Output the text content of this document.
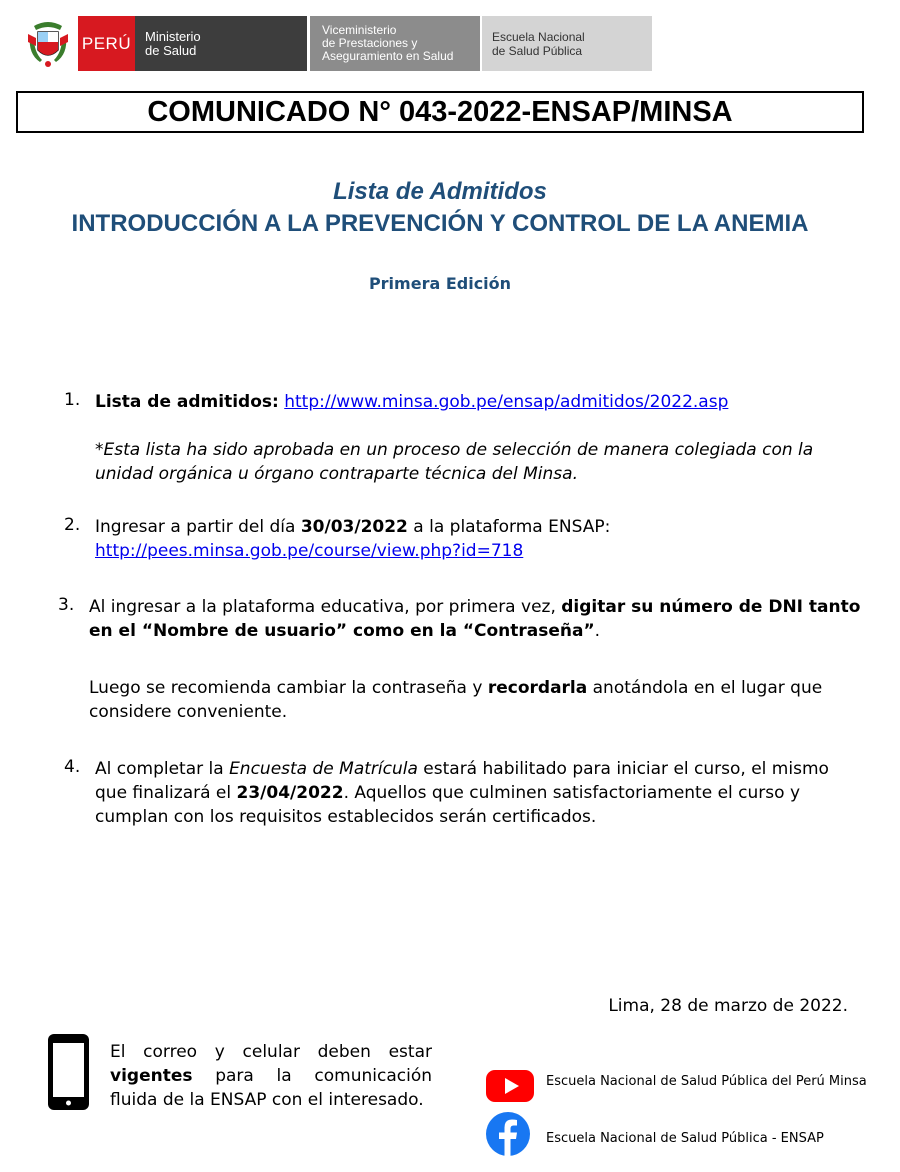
PERÚ Ministerio
de Salud
Viceministerio
de Prestaciones y
Aseguramiento en Salud
Escuela Nacional
de Salud Pública
COMUNICADO N° 043-2022-ENSAP/MINSA
Lista de Admitidos
INTRODUCCIÓN A LA PREVENCIÓN Y CONTROL DE LA ANEMIA
Primera Edición
1. Lista de admitidos: http://www.minsa.gob.pe/ensap/admitidos/2022.asp
*Esta lista ha sido aprobada en un proceso de selección de manera colegiada con la unidad orgánica u órgano contraparte técnica del Minsa.
2. Ingresar a partir del día 30/03/2022 a la plataforma ENSAP:
http://pees.minsa.gob.pe/course/view.php?id=718
3. Al ingresar a la plataforma educativa, por primera vez, digitar su número de DNI tanto en el “Nombre de usuario” como en la “Contraseña”.
Luego se recomienda cambiar la contraseña y recordarla anotándola en el lugar que considere conveniente.
4. Al completar la Encuesta de Matrícula estará habilitado para iniciar el curso, el mismo que finalizará el 23/04/2022. Aquellos que culminen satisfactoriamente el curso y cumplan con los requisitos establecidos serán certificados.
Lima, 28 de marzo de 2022.
El correo y celular deben estar vigentes para la comunicación fluida de la ENSAP con el interesado.
Escuela Nacional de Salud Pública del Perú Minsa
Escuela Nacional de Salud Pública - ENSAP
